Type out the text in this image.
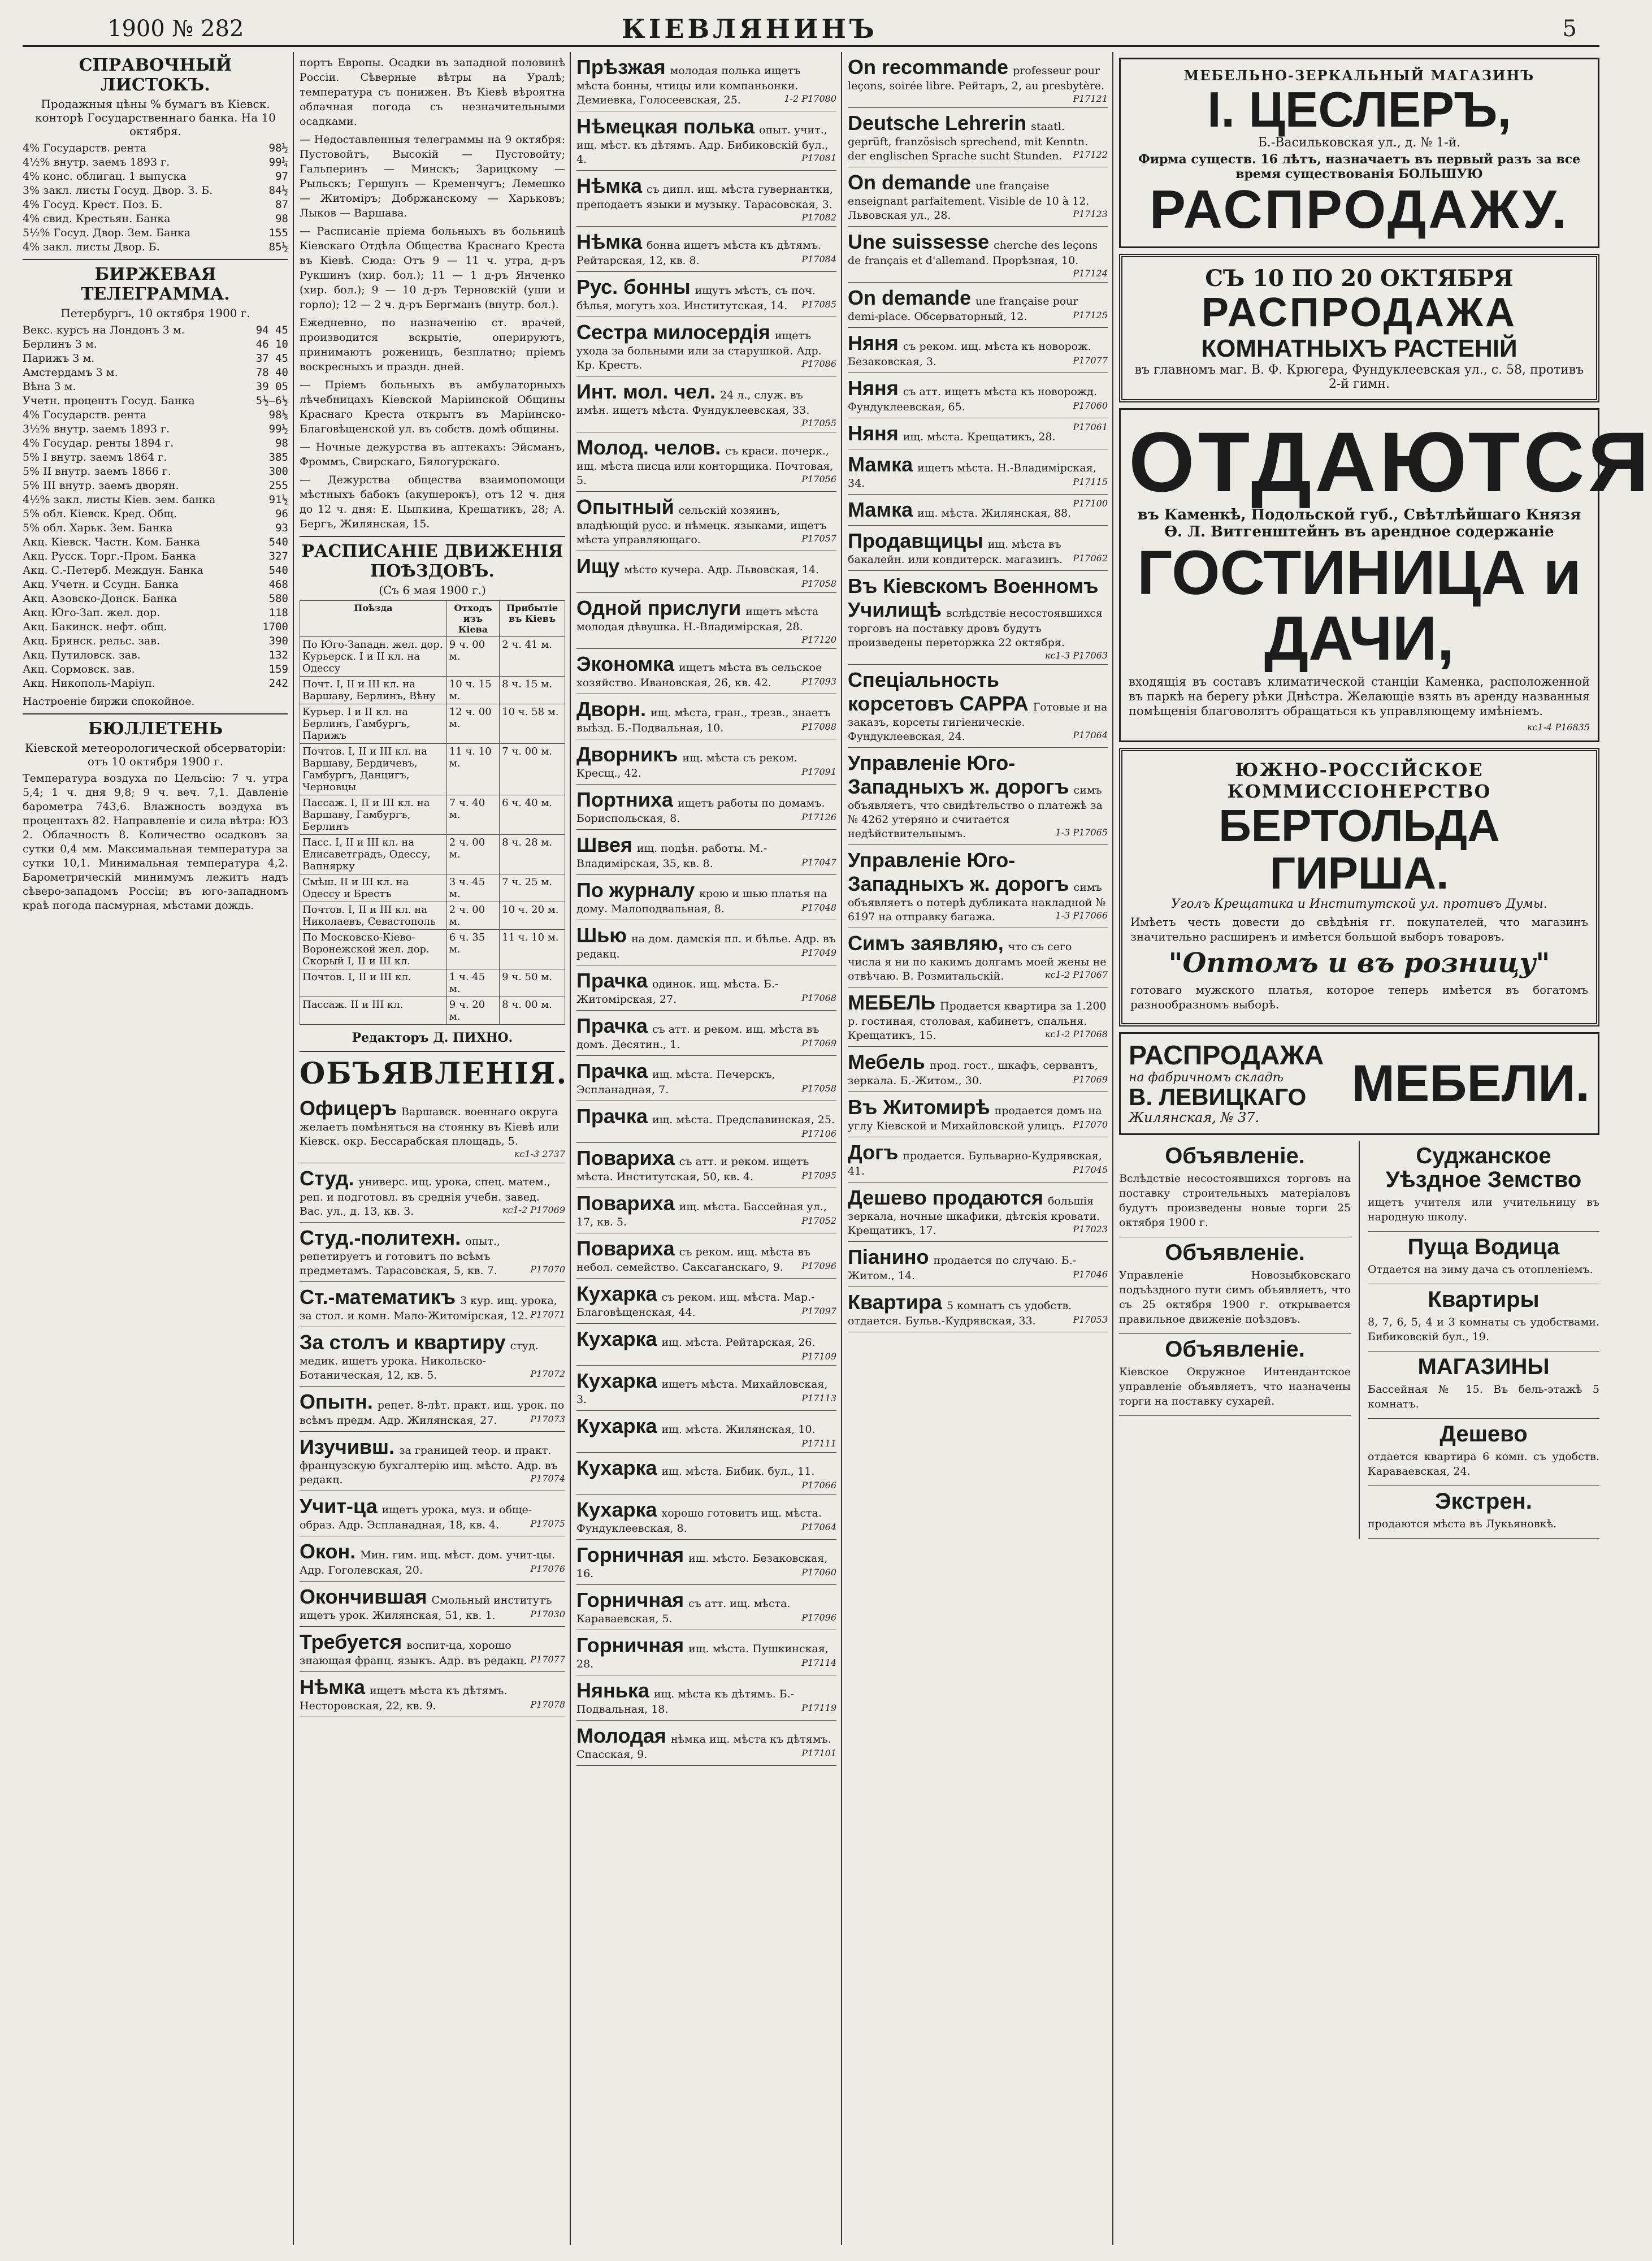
1900 № 282	КІЕВЛЯНИНЪ	5
СПРАВОЧНЫЙ ЛИСТОКЪ.
Продажныя цѣны % бумагъ въ Кіевск. конторѣ Государственнаго банка. На 10 октября.
4% Государств. рента	98½
4½% внутр. заемъ 1893 г.	99¼
4% конс. облигац. 1 выпуска	97
3% закл. листы Госуд. Двор. З. Б.	84½
4% Госуд. Крест. Поз. Б.	87
4% свид. Крестьян. Банка	98
5½% Госуд. Двор. Зем. Банка	155
4% закл. листы Двор. Б.	85½
БИРЖЕВАЯ ТЕЛЕГРАММА.
Петербургъ, 10 октября 1900 г.
Векс. курсъ на Лондонъ 3 м.	94 45
Берлинъ 3 м.	46 10
Парижъ 3 м.	37 45
Амстердамъ 3 м.	78 40
Вѣна 3 м.	39 05
Учетн. процентъ Госуд. Банка	5½–6½
4% Государств. рента	98⅛
3½% внутр. заемъ 1893 г.	99½
4% Государ. ренты 1894 г.	98
5% I внутр. заемъ 1864 г.	385
5% II внутр. заемъ 1866 г.	300
5% III внутр. заемъ дворян.	255
4½% закл. листы Кіев. зем. банка	91½
5% обл. Кіевск. Кред. Общ.	96
5% обл. Харьк. Зем. Банка	93
Акц. Кіевск. Частн. Ком. Банка	540
Акц. Русск. Торг.-Пром. Банка	327
Акц. С.-Петерб. Междун. Банка	540
Акц. Учетн. и Ссудн. Банка	468
Акц. Азовско-Донск. Банка	580
Акц. Юго-Зап. жел. дор.	118
Акц. Бакинск. нефт. общ.	1700
Акц. Брянск. рельс. зав.	390
Акц. Путиловск. зав.	132
Акц. Сормовск. зав.	159
Акц. Никополь-Маріуп.	242
Настроеніе биржи спокойное.
БЮЛЛЕТЕНЬ
Кіевской метеорологической обсерваторіи: отъ 10 октября 1900 г.
Температура воздуха по Цельсію: 7 ч. утра 5,4; 1 ч. дня 9,8; 9 ч. веч. 7,1. Давленіе барометра 743,6. Влажность воздуха въ процентахъ 82. Направленіе и сила вѣтра: ЮЗ 2. Облачность 8. Количество осадковъ за сутки 0,4 мм. Максимальная температура за сутки 10,1. Минимальная температура 4,2. Барометрическій минимумъ лежитъ надъ сѣверо-западомъ Россіи; въ юго-западномъ краѣ погода пасмурная, мѣстами дождь.
портъ Европы. Осадки въ западной половинѣ Россіи. Сѣверные вѣтры на Уралѣ; температура съ понижен. Въ Кіевѣ вѣроятна облачная погода съ незначительными осадками.
— Недоставленныя телеграммы на 9 октября: Пустовойтъ, Высокій — Пустовойту; Гальперинъ — Минскъ; Зарицкому — Рыльскъ; Гершунъ — Кременчугъ; Лемешко — Житоміръ; Добржанскому — Харьковъ; Лыков — Варшава.
— Расписаніе пріема больныхъ въ больницѣ Кіевскаго Отдѣла Общества Краснаго Креста въ Кіевѣ. Сюда: Отъ 9 — 11 ч. утра, д-ръ Рукшинъ (хир. бол.); 11 — 1 д-ръ Янченко (хир. бол.); 9 — 10 д-ръ Терновскій (уши и горло); 12 — 2 ч. д-ръ Бергманъ (внутр. бол.).
Ежедневно, по назначенію ст. врачей, производится вскрытіе, оперируютъ, принимаютъ роженицъ, безплатно; пріемъ воскресныхъ и праздн. дней.
— Пріемъ больныхъ въ амбулаторныхъ лѣчебницахъ Кіевской Маріинской Общины Краснаго Креста открытъ въ Маріинско-Благовѣщенской ул. въ собств. домѣ общины.
— Ночные дежурства въ аптекахъ: Эйсманъ, Фроммъ, Свирскаго, Бялогурскаго.
— Дежурства общества взаимопомощи мѣстныхъ бабокъ (акушерокъ), отъ 12 ч. дня до 12 ч. дня: Е. Цыпкина, Крещатикъ, 28; А. Бергъ, Жилянская, 15.
РАСПИСАНІЕ ДВИЖЕНІЯ ПОѢЗДОВЪ.
(Съ 6 мая 1900 г.)
Поѣзда	Отходъ изъ Кіева	Прибытіе въ Кіевъ
По Юго-Западн. жел. дор. Курьерск. I и II кл. на Одессу	9 ч. 00 м.	2 ч. 41 м.
Почт. I, II и III кл. на Варшаву, Берлинъ, Вѣну	10 ч. 15 м.	8 ч. 15 м.
Курьер. I и II кл. на Берлинъ, Гамбургъ, Парижъ	12 ч. 00 м.	10 ч. 58 м.
Почтов. I, II и III кл. на Варшаву, Бердичевъ, Гамбургъ, Данцигъ, Черновцы	11 ч. 10 м.	7 ч. 00 м.
Пассаж. I, II и III кл. на Варшаву, Гамбургъ, Берлинъ	7 ч. 40 м.	6 ч. 40 м.
Пасс. I, II и III кл. на Елисаветградъ, Одессу, Вапнярку	2 ч. 00 м.	8 ч. 28 м.
Смѣш. II и III кл. на Одессу и Брестъ	3 ч. 45 м.	7 ч. 25 м.
Почтов. I, II и III кл. на Николаевъ, Севастополь	2 ч. 00 м.	10 ч. 20 м.
По Московско-Кіево-Воронежской жел. дор. Скорый I, II и III кл.	6 ч. 35 м.	11 ч. 10 м.
Почтов. I, II и III кл.	1 ч. 45 м.	9 ч. 50 м.
Пассаж. II и III кл.	9 ч. 20 м.	8 ч. 00 м.
Редакторъ Д. ПИХНО.
ОБЪЯВЛЕНІЯ.
Офицеръ Варшавск. военнаго округа желаетъ помѣняться на стоянку въ Кіевѣ или Кіевск. окр. Бессарабская площадь, 5.
кс1-3 2737
Студ. универс. ищ. урока, спец. матем., реп. и подготовл. въ среднія учебн. завед. Вас. ул., д. 13, кв. 3.	кс1-2 Р17069
Студ.-политехн. опыт., репетируетъ и готовитъ по всѣмъ предметамъ. Тарасовская, 5, кв. 7.	Р17070
Ст.-математикъ 3 кур. ищ. урока, за стол. и комн. Мало-Житомірская, 12. Р17071
За столъ и квартиру студ. медик. ищетъ урока. Никольско-Ботаническая, 12, кв. 5.	Р17072
Опытн. репет. 8-лѣт. практ. ищ. урок. по всѣмъ предм. Адр. Жилянская, 27.	Р17073
Изучивш. за границей теор. и практ. французскую бухгалтерію ищ. мѣсто. Адр. въ редакц.	Р17074
Учит-ца ищетъ урока, муз. и обще-образ. Адр. Эспланадная, 18, кв. 4.	Р17075
Окон. Мин. гим. ищ. мѣст. дом. учит-цы. Адр. Гоголевская, 20.	Р17076
Окончившая Смольный институтъ ищетъ урок. Жилянская, 51, кв. 1.	Р17030
Требуется воспит-ца, хорошо знающая франц. языкъ. Адр. въ редакц. Р17077
Нѣмка ищетъ мѣста къ дѣтямъ. Несторовская, 22, кв. 9.	Р17078
Прѣзжая молодая полька ищетъ мѣста бонны, чтицы или компаньонки. Демиевка, Голосеевская, 25.	1-2 Р17080
Нѣмецкая полька опыт. учит., ищ. мѣст. къ дѣтямъ. Адр. Бибиковскій бул., 4.	Р17081
Нѣмка съ дипл. ищ. мѣста гувернантки, преподаетъ языки и музыку. Тарасовская, 3.
Р17082
Нѣмка бонна ищетъ мѣста къ дѣтямъ. Рейтарская, 12, кв. 8.	Р17084
Рус. бонны ищутъ мѣстъ, съ поч. бѣлья, могутъ хоз. Институтская, 14. Р17085
Сестра милосердія ищетъ ухода за больными или за старушкой. Адр. Кр. Крестъ.	Р17086
Инт. мол. чел. 24 л., служ. въ имѣн. ищетъ мѣста. Фундуклеевская, 33.
Р17055
Молод. челов. съ краси. почерк., ищ. мѣста писца или конторщика. Почтовая, 5.	Р17056
Опытный сельскій хозяинъ, владѣющій русс. и нѣмецк. языками, ищетъ мѣста управляющаго.	Р17057
Ищу мѣсто кучера. Адр. Львовская, 14.
Р17058
Одной прислуги ищетъ мѣста молодая дѣвушка. Н.-Владимірская, 28.
Р17120
Экономка ищетъ мѣста въ сельское хозяйство. Ивановская, 26, кв. 42.	Р17093
Дворн. ищ. мѣста, гран., трезв., знаетъ выѣзд. Б.-Подвальная, 10.	Р17088
Дворникъ ищ. мѣста съ реком. Кресщ., 42.	Р17091
Портниха ищетъ работы по домамъ. Бориспольская, 8.	Р17126
Швея ищ. подѣн. работы. М.-Владимірская, 35, кв. 8.	Р17047
По журналу крою и шью платья на дому. Малоподвальная, 8.	Р17048
Шью на дом. дамскія пл. и бѣлье. Адр. въ редакц.	Р17049
Прачка одинок. ищ. мѣста. Б.-Житомірская, 27.	Р17068
Прачка съ атт. и реком. ищ. мѣста въ домъ. Десятин., 1.	Р17069
Прачка ищ. мѣста. Печерскъ, Эспланадная, 7.	Р17058
Прачка ищ. мѣста. Предславинская, 25.
Р17106
Повариха съ атт. и реком. ищетъ мѣста. Институтская, 50, кв. 4.	Р17095
Повариха ищ. мѣста. Бассейная ул., 17, кв. 5.	Р17052
Повариха съ реком. ищ. мѣста въ небол. семейство. Саксаганскаго, 9. Р17096
Кухарка съ реком. ищ. мѣста. Мар.-Благовѣщенская, 44.	Р17097
Кухарка ищ. мѣста. Рейтарская, 26.
Р17109
Кухарка ищетъ мѣста. Михайловская, 3.	Р17113
Кухарка ищ. мѣста. Жилянская, 10.
Р17111
Кухарка ищ. мѣста. Бибик. бул., 11.
Р17066
Кухарка хорошо готовитъ ищ. мѣста. Фундуклеевская, 8.	Р17064
Горничная ищ. мѣсто. Безаковская, 16.	Р17060
Горничная съ атт. ищ. мѣста. Караваевская, 5.	Р17096
Горничная ищ. мѣста. Пушкинская, 28.	Р17114
Нянька ищ. мѣста къ дѣтямъ. Б.-Подвальная, 18.	Р17119
Молодая нѣмка ищ. мѣста къ дѣтямъ. Спасская, 9.	Р17101
On recommande professeur pour leçons, soirée libre. Рейтаръ, 2, au presbytère.
Р17121
Deutsche Lehrerin staatl. geprüft, französisch sprechend, mit Kenntn. der englischen Sprache sucht Stunden. Р17122
On demande une française enseignant parfaitement. Visible de 10 à 12. Львовская ул., 28.	Р17123
Une suissesse cherche des leçons de français et d'allemand. Прорѣзная, 10.
Р17124
On demande une française pour demi-place. Обсерваторный, 12.	Р17125
Няня съ реком. ищ. мѣста къ новорож. Безаковская, 3.	Р17077
Няня съ атт. ищетъ мѣста къ новорожд. Фундуклеевская, 65.	Р17060
Няня ищ. мѣста. Крещатикъ, 28.
Р17061
Мамка ищетъ мѣста. Н.-Владимірская, 34.	Р17115
Мамка ищ. мѣста. Жилянская, 88.
Р17100
Продавщицы ищ. мѣста въ бакалейн. или кондитерск. магазинъ. Р17062
Въ Кіевскомъ Военномъ Училищѣ вслѣдствіе несостоявшихся торговъ на поставку дровъ будутъ произведены переторжка 22 октября.
кс1-3 Р17063
Спеціальность корсетовъ САРРА Готовые и на заказъ, корсеты гигіеническіе. Фундуклеевская, 24.	Р17064
Управленіе Юго-Западныхъ ж. дорогъ симъ объявляетъ, что свидѣтельство о платежѣ за № 4262 утеряно и считается недѣйствительнымъ.	1-3 Р17065
Управленіе Юго-Западныхъ ж. дорогъ симъ объявляетъ о потерѣ дубликата накладной № 6197 на отправку багажа.	1-3 Р17066
Симъ заявляю, что съ сего числа я ни по какимъ долгамъ моей жены не отвѣчаю. В. Розмитальскій.	кс1-2 Р17067
МЕБЕЛЬ Продается квартира за 1.200 р. гостиная, столовая, кабинетъ, спальня. Крещатикъ, 15.	кс1-2 Р17068
Мебель прод. гост., шкафъ, сервантъ, зеркала. Б.-Житом., 30.	Р17069
Въ Житомирѣ продается домъ на углу Кіевской и Михайловской улицъ. Р17070
Догъ продается. Бульварно-Кудрявская, 41.	Р17045
Дешево продаются большія зеркала, ночные шкафики, дѣтскія кровати. Крещатикъ, 17.	Р17023
Піанино продается по случаю. Б.-Житом., 14.	Р17046
Квартира 5 комнатъ съ удобств. отдается. Бульв.-Кудрявская, 33.	Р17053
МЕБЕЛЬНО-ЗЕРКАЛЬНЫЙ МАГАЗИНЪ
І. ЦЕСЛЕРЪ,
Б.-Васильковская ул., д. № 1-й.
Фирма существ. 16 лѣтъ, назначаетъ въ первый разъ за все время существованія БОЛЬШУЮ
РАСПРОДАЖУ.
СЪ 10 ПО 20 ОКТЯБРЯ
РАСПРОДАЖА
КОМНАТНЫХЪ РАСТЕНІЙ
въ главномъ маг. В. Ф. Крюгера, Фундуклеевская ул., с. 58, противъ 2-й гимн.
ОТДАЮТСЯ
въ Каменкѣ, Подольской губ., Свѣтлѣйшаго Князя Ѳ. Л. Витгенштейнъ въ арендное содержаніе
ГОСТИНИЦА и ДАЧИ,
входящія въ составъ климатической станціи Каменка, расположенной въ паркѣ на берегу рѣки Днѣстра. Желающіе взять въ аренду названныя помѣщенія благоволятъ обращаться къ управляющему имѣніемъ.
кс1-4 Р16835
ЮЖНО-РОССІЙСКОЕ КОММИССІОНЕРСТВО
БЕРТОЛЬДА ГИРША.
Уголъ Крещатика и Институтской ул. противъ Думы.
Имѣетъ честь довести до свѣдѣнія гг. покупателей, что магазинъ значительно расширенъ и имѣется большой выборъ товаровъ.
"Оптомъ и въ розницу"
готоваго мужского платья, которое теперь имѣется въ богатомъ разнообразномъ выборѣ.
РАСПРОДАЖА
на фабричномъ складѣ
В. ЛЕВИЦКАГО
Жилянская, № 37.
МЕБЕЛИ.
Объявленіе.
Вслѣдствіе несостоявшихся торговъ на поставку строительныхъ матеріаловъ будутъ произведены новые торги 25 октября 1900 г.
Объявленіе.
Управленіе Новозыбковскаго подъѣздного пути симъ объявляетъ, что съ 25 октября 1900 г. открывается правильное движеніе поѣздовъ.
Объявленіе.
Кіевское Окружное Интендантское управленіе объявляетъ, что назначены торги на поставку сухарей.
Суджанское Уѣздное Земство
ищетъ учителя или учительницу въ народную школу.
Пуща Водица
Отдается на зиму дача съ отопленіемъ.
Квартиры
8, 7, 6, 5, 4 и 3 комнаты съ удобствами. Бибиковскій бул., 19.
МАГАЗИНЫ
Бассейная № 15. Въ бель-этажѣ 5 комнатъ.
Дешево
отдается квартира 6 комн. съ удобств. Караваевская, 24.
Экстрен.
продаются мѣста въ Лукьяновкѣ.
